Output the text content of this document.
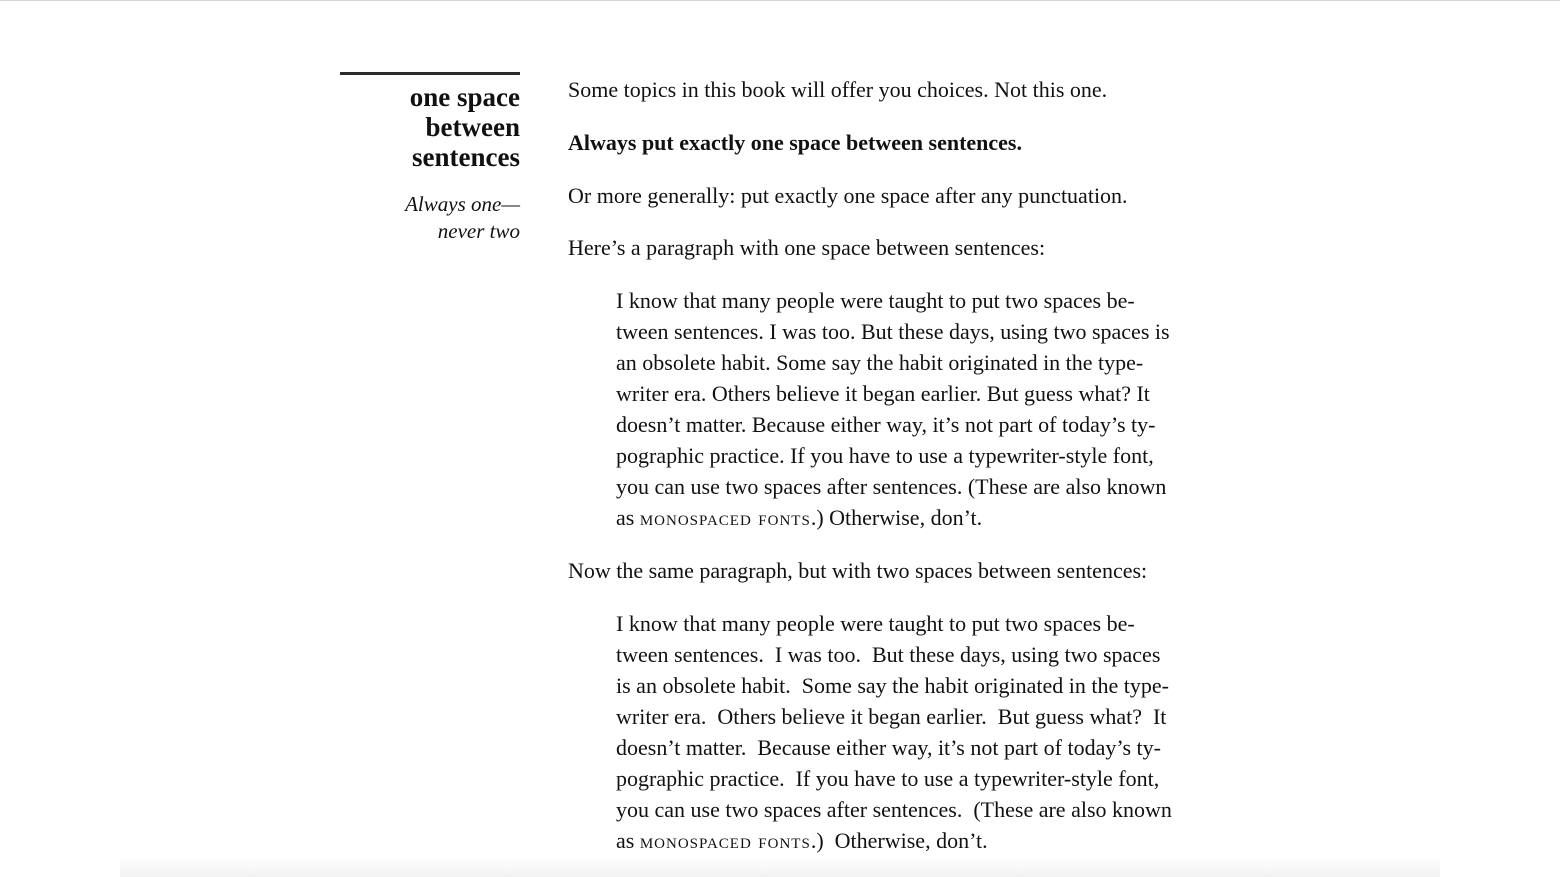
one space
between
sentences
Always one—
never two

Some topics in this book will offer you choices. Not this one.

Always put exactly one space between sentences.

Or more generally: put exactly one space after any punctuation.

Here’s a paragraph with one space between sentences:

I know that many people were taught to put two spaces be-
tween sentences. I was too. But these days, using two spaces is
an obsolete habit. Some say the habit originated in the type-
writer era. Others believe it began earlier. But guess what? It
doesn’t matter. Because either way, it’s not part of today’s ty-
pographic practice. If you have to use a typewriter-style font,
you can use two spaces after sentences. (These are also known
as monospaced fonts.) Otherwise, don’t.

Now the same paragraph, but with two spaces between sentences:

I know that many people were taught to put two spaces be-
tween sentences.  I was too.  But these days, using two spaces
is an obsolete habit.  Some say the habit originated in the type-
writer era.  Others believe it began earlier.  But guess what?  It
doesn’t matter.  Because either way, it’s not part of today’s ty-
pographic practice.  If you have to use a typewriter-style font,
you can use two spaces after sentences.  (These are also known
as monospaced fonts.)  Otherwise, don’t.
